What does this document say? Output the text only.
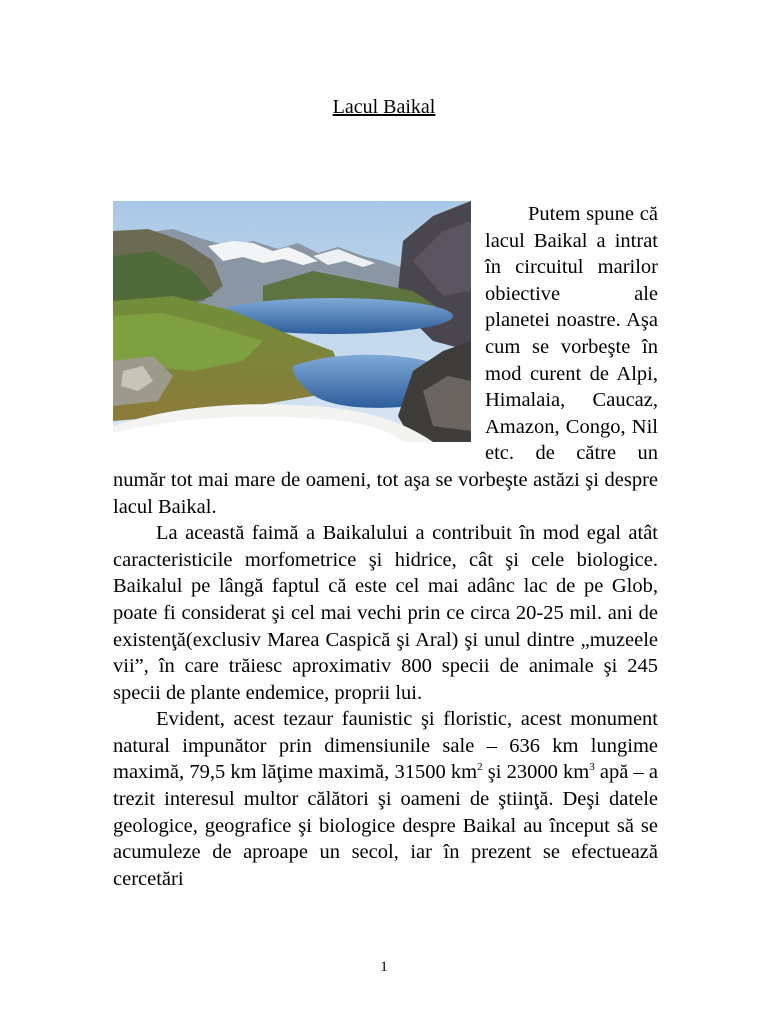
Lacul Baikal

Putem spune că lacul Baikal a intrat în circuitul marilor obiective ale planetei noastre. Aşa cum se vorbeşte în mod curent de Alpi, Himalaia, Caucaz, Amazon, Congo, Nil etc. de către un număr tot mai mare de oameni, tot aşa se vorbeşte astăzi şi despre lacul Baikal.

La această faimă a Baikalului a contribuit în mod egal atât caracteristicile morfometrice şi hidrice, cât şi cele biologice. Baikalul pe lângă faptul că este cel mai adânc lac de pe Glob, poate fi considerat şi cel mai vechi prin ce circa 20-25 mil. ani de existenţă(exclusiv Marea Caspică şi Aral) şi unul dintre „muzeele vii”, în care trăiesc aproximativ 800 specii de animale şi 245 specii de plante endemice, proprii lui.

Evident, acest tezaur faunistic şi floristic, acest monument natural impunător prin dimensiunile sale – 636 km lungime maximă, 79,5 km lăţime maximă, 31500 $km^2$ şi 23000 $km^3$ apă – a trezit interesul multor călători şi oameni de ştiinţă. Deşi datele geologice, geografice şi biologice despre Baikal au început să se acumuleze de aproape un secol, iar în prezent se efectuează cercetări

1
